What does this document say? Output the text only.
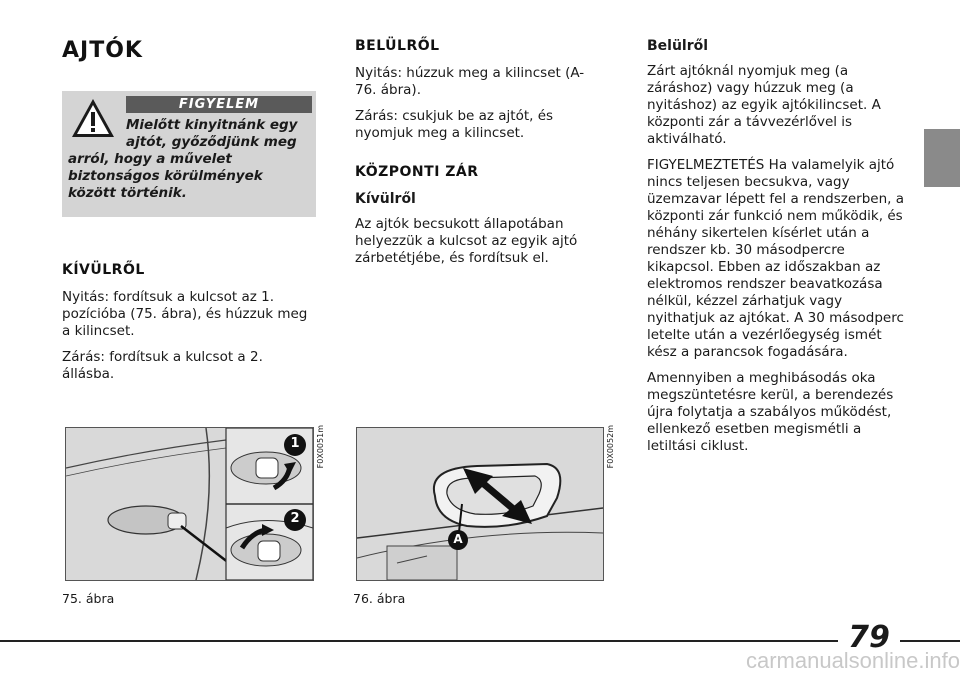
AJTÓK
FIGYELEM
Mielőtt kinyitnánk egy
ajtót, győződjünk meg
arról, hogy a művelet biztonságos körülmények között történik.
KÍVÜLRŐL

Nyitás: fordítsuk a kulcsot az 1. pozícióba (75. ábra), és húzzuk meg a kilincset.

Zárás: fordítsuk a kulcsot a 2. állásba.

BELÜLRŐL

Nyitás: húzzuk meg a kilincset (A-76. ábra).

Zárás: csukjuk be az ajtót, és nyomjuk meg a kilincset.

KÖZPONTI ZÁR
Kívülről

Az ajtók becsukott állapotában helyezzük a kulcsot az egyik ajtó zárbetétjébe, és fordítsuk el.

Belülről

Zárt ajtóknál nyomjuk meg (a záráshoz) vagy húzzuk meg (a nyitáshoz) az egyik ajtókilincset. A központi zár a távvezérlővel is aktiválható.

FIGYELMEZTETÉS Ha valamelyik ajtó nincs teljesen becsukva, vagy üzemzavar lépett fel a rendszerben, a központi zár funkció nem működik, és néhány sikertelen kísérlet után a rendszer kb. 30 másodpercre kikapcsol. Ebben az időszakban az elektromos rendszer beavatkozása nélkül, kézzel zárhatjuk vagy nyithatjuk az ajtókat. A 30 másodperc letelte után a vezérlőegység ismét kész a parancsok fogadására.

Amennyiben a meghibásodás oka megszüntetésre kerül, a berendezés újra folytatja a szabályos működést, ellenkező esetben megismétli a letiltási ciklust.

1
2
F0X0051m
75. ábra
A
F0X0052m
76. ábra
79
carmanualsonline.info
